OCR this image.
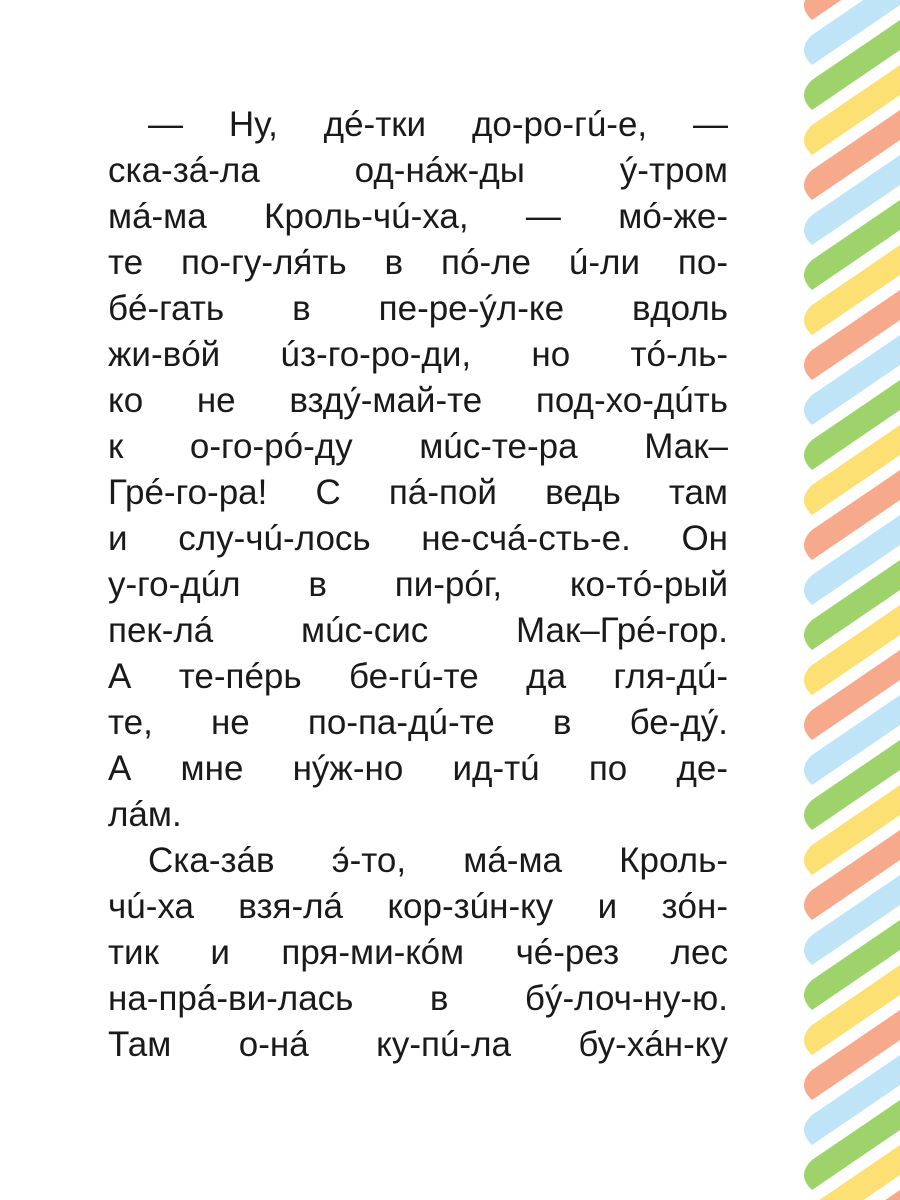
— Ну, дé-тки до-ро-гú-е, —
ска-зá-ла од-нáж-ды ý-тром
мá-ма Кроль-чú-ха, — мó-же-
те по-гу-ля́ть в пó-ле ú-ли по-
бé-гать в пе-ре-ýл-ке вдоль
жи-вóй úз-го-ро-ди, но тó-ль-
ко не взду́-май-те под-хо-дúть
к о-го-рó-ду мúс-те-ра Мак–
Грé-го-ра! С пá-пой ведь там
и слу-чú-лось не-счá-сть-е. Он
у-го-дúл в пи-рóг, ко-тó-рый
пек-лá мúс-сис Мак–Грé-гор.
А те-пéрь бе-гú-те да гля-дú-
те, не по-па-дú-те в бе-ду́.
А мне нýж-но ид-тú по де-
лáм.
Ска-зáв э́-то, мá-ма Кроль-
чú-ха взя-лá кор-зúн-ку и зóн-
тик и пря-ми-кóм чé-рез лес
на-прá-ви-лась в бý-лоч-ну-ю.
Там о-нá ку-пú-ла бу-хáн-ку
